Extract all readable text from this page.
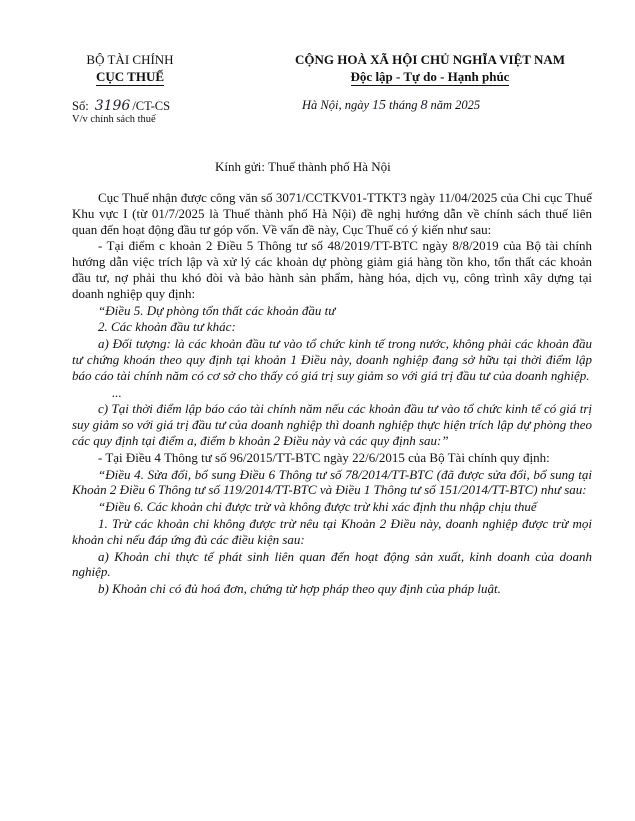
BỘ TÀI CHÍNH
CỤC THUẾ
CỘNG HOÀ XÃ HỘI CHỦ NGHĨA VIỆT NAM
Độc lập - Tự do - Hạnh phúc
Số: 3196 /CT-CS
V/v chính sách thuế
Hà Nội, ngày 15 tháng 8 năm 2025
Kính gửi: Thuế thành phố Hà Nội

Cục Thuế nhận được công văn số 3071/CCTKV01-TTKT3 ngày 11/04/2025 của Chi cục Thuế Khu vực I (từ 01/7/2025 là Thuế thành phố Hà Nội) đề nghị hướng dẫn về chính sách thuế liên quan đến hoạt động đầu tư góp vốn. Về vấn đề này, Cục Thuế có ý kiến như sau:

- Tại điểm c khoản 2 Điều 5 Thông tư số 48/2019/TT-BTC ngày 8/8/2019 của Bộ tài chính hướng dẫn việc trích lập và xử lý các khoản dự phòng giảm giá hàng tồn kho, tổn thất các khoản đầu tư, nợ phải thu khó đòi và bảo hành sản phẩm, hàng hóa, dịch vụ, công trình xây dựng tại doanh nghiệp quy định:

“Điều 5. Dự phòng tổn thất các khoản đầu tư

2. Các khoản đầu tư khác:

a) Đối tượng: là các khoản đầu tư vào tổ chức kinh tế trong nước, không phải các khoản đầu tư chứng khoán theo quy định tại khoản 1 Điều này, doanh nghiệp đang sở hữu tại thời điểm lập báo cáo tài chính năm có cơ sở cho thấy có giá trị suy giảm so với giá trị đầu tư của doanh nghiệp.

...

c) Tại thời điểm lập báo cáo tài chính năm nếu các khoản đầu tư vào tổ chức kinh tế có giá trị suy giảm so với giá trị đầu tư của doanh nghiệp thì doanh nghiệp thực hiện trích lập dự phòng theo các quy định tại điểm a, điểm b khoản 2 Điều này và các quy định sau:”

- Tại Điều 4 Thông tư số 96/2015/TT-BTC ngày 22/6/2015 của Bộ Tài chính quy định:

“Điều 4. Sửa đổi, bổ sung Điều 6 Thông tư số 78/2014/TT-BTC (đã được sửa đổi, bổ sung tại Khoản 2 Điều 6 Thông tư số 119/2014/TT-BTC và Điều 1 Thông tư số 151/2014/TT-BTC) như sau:

“Điều 6. Các khoản chi được trừ và không được trừ khi xác định thu nhập chịu thuế

1. Trừ các khoản chi không được trừ nêu tại Khoản 2 Điều này, doanh nghiệp được trừ mọi khoản chi nếu đáp ứng đủ các điều kiện sau:

a) Khoản chi thực tế phát sinh liên quan đến hoạt động sản xuất, kinh doanh của doanh nghiệp.

b) Khoản chi có đủ hoá đơn, chứng từ hợp pháp theo quy định của pháp luật.
